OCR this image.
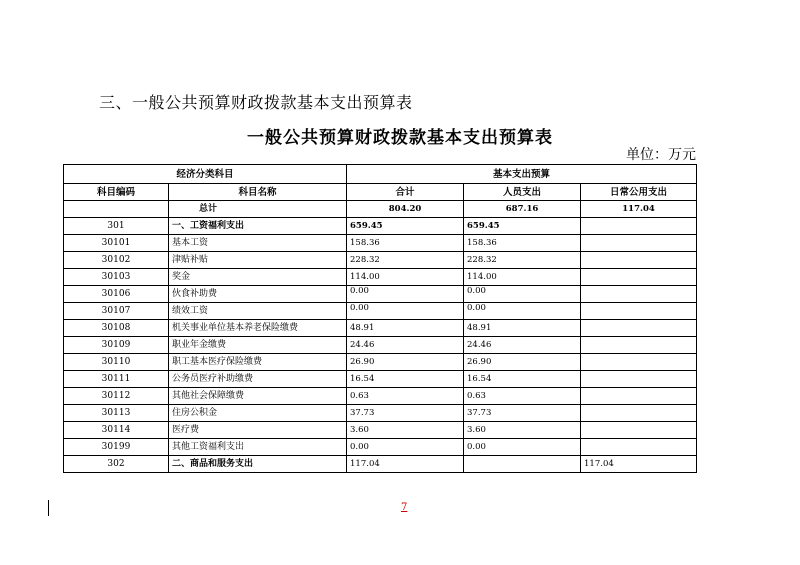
三、一般公共预算财政拨款基本支出预算表
一般公共预算财政拨款基本支出预算表
单位：万元
经济分类科目		基本支出预算		
科目编码	科目名称	合计	人员支出	日常公用支出
	总计	804.20	687.16	117.04
301	一、工资福利支出	659.45	659.45	
30101	基本工资	158.36	158.36	
30102	津贴补贴	228.32	228.32	
30103	奖金	114.00	114.00	
30106	伙食补助费	0.00	0.00	
30107	绩效工资	0.00	0.00	
30108	机关事业单位基本养老保险缴费	48.91	48.91	
30109	职业年金缴费	24.46	24.46	
30110	职工基本医疗保险缴费	26.90	26.90	
30111	公务员医疗补助缴费	16.54	16.54	
30112	其他社会保障缴费	0.63	0.63	
30113	住房公积金	37.73	37.73	
30114	医疗费	3.60	3.60	
30199	其他工资福利支出	0.00	0.00	
302	二、商品和服务支出	117.04		117.04
7
